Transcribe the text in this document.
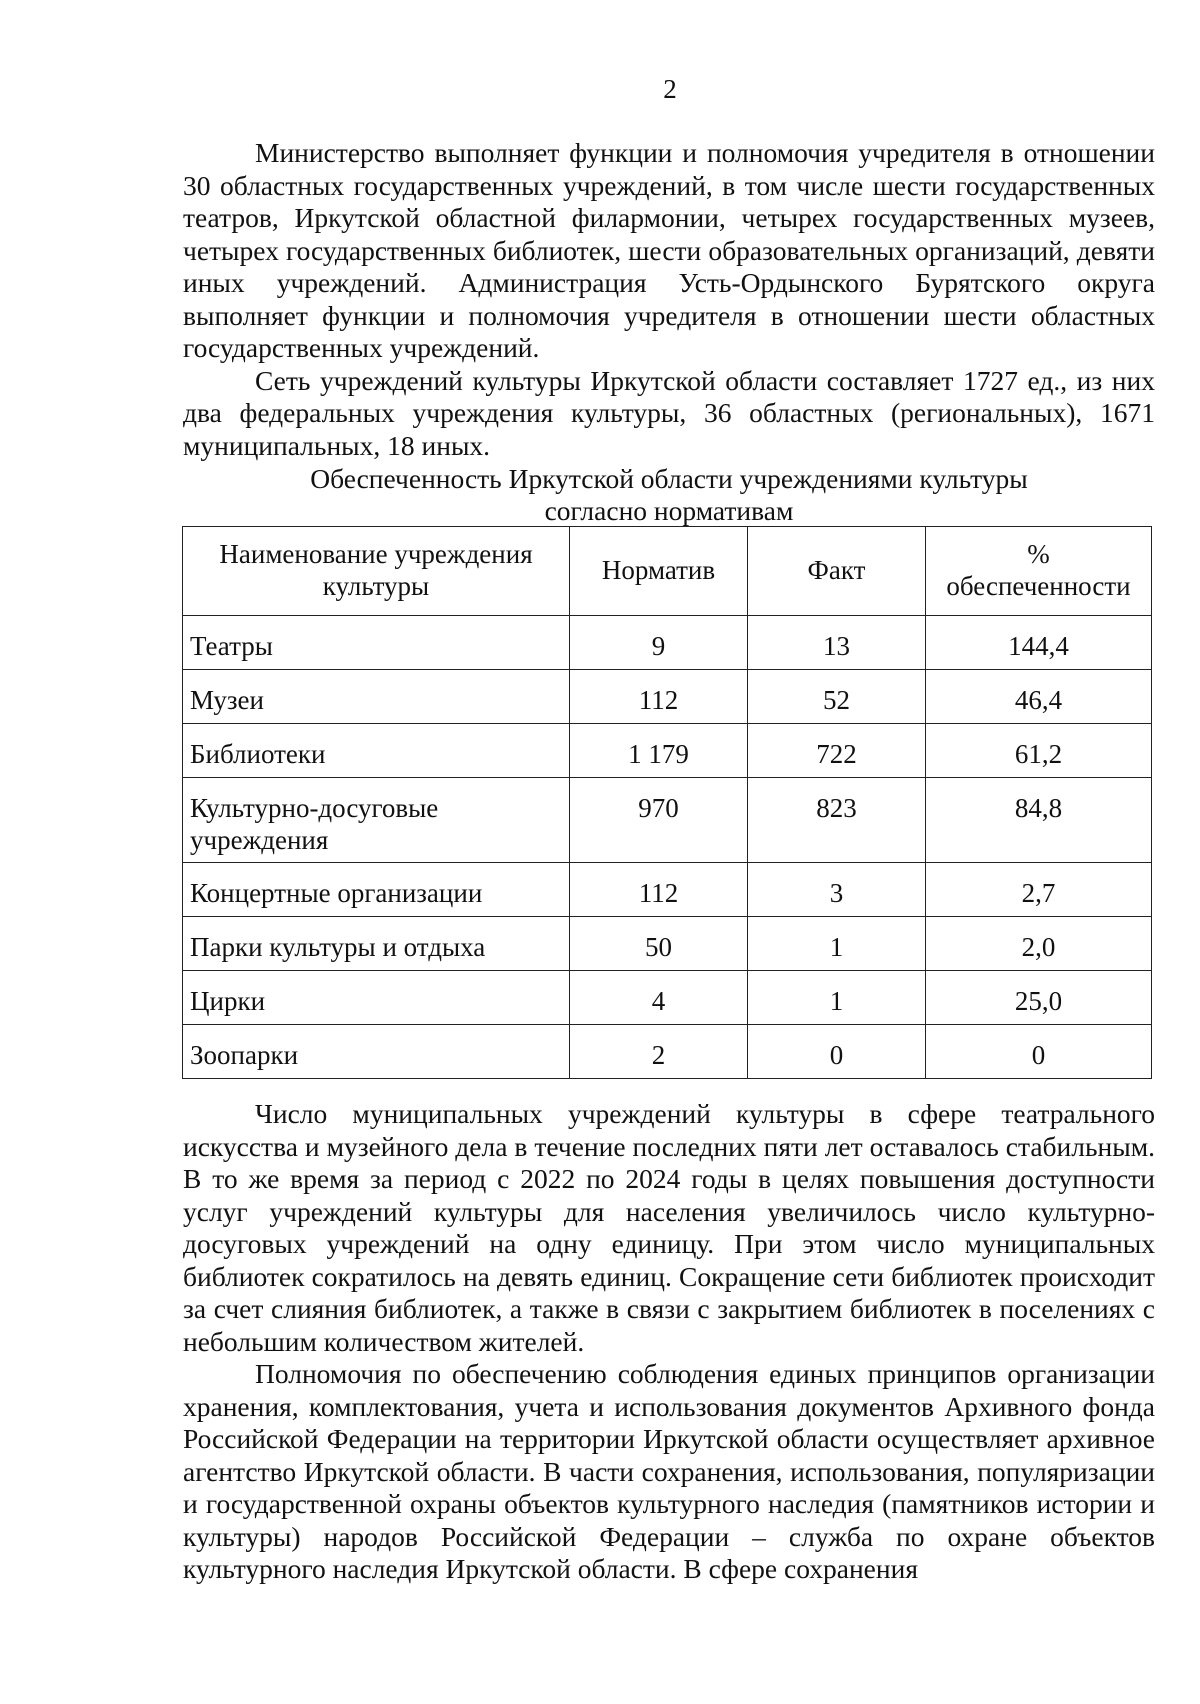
2

Министерство выполняет функции и полномочия учредителя в отношении 30 областных государственных учреждений, в том числе шести государственных театров, Иркутской областной филармонии, четырех государственных музеев, четырех государственных библиотек, шести образовательных организаций, девяти иных учреждений. Администрация Усть-Ордынского Бурятского округа выполняет функции и полномочия учредителя в отношении шести областных государственных учреждений.

Сеть учреждений культуры Иркутской области составляет 1727 ед., из них два федеральных учреждения культуры, 36 областных (региональных), 1671 муниципальных, 18 иных.

Обеспеченность Иркутской области учреждениями культуры
согласно нормативам
Наименование учреждения культуры	Норматив	Факт	% обеспеченности
Театры	9	13	144,4
Музеи	112	52	46,4
Библиотеки	1 179	722	61,2
Культурно-досуговые учреждения	970	823	84,8
Концертные организации	112	3	2,7
Парки культуры и отдыха	50	1	2,0
Цирки	4	1	25,0
Зоопарки	2	0	0

Число муниципальных учреждений культуры в сфере театрального искусства и музейного дела в течение последних пяти лет оставалось стабильным. В то же время за период с 2022 по 2024 годы в целях повышения доступности услуг учреждений культуры для населения увеличилось число культурно-досуговых учреждений на одну единицу. При этом число муниципальных библиотек сократилось на девять единиц. Сокращение сети библиотек происходит за счет слияния библиотек, а также в связи с закрытием библиотек в поселениях с небольшим количеством жителей.

Полномочия по обеспечению соблюдения единых принципов организации хранения, комплектования, учета и использования документов Архивного фонда Российской Федерации на территории Иркутской области осуществляет архивное агентство Иркутской области. В части сохранения, использования, популяризации и государственной охраны объектов культурного наследия (памятников истории и культуры) народов Российской Федерации – служба по охране объектов культурного наследия Иркутской области. В сфере сохранения
